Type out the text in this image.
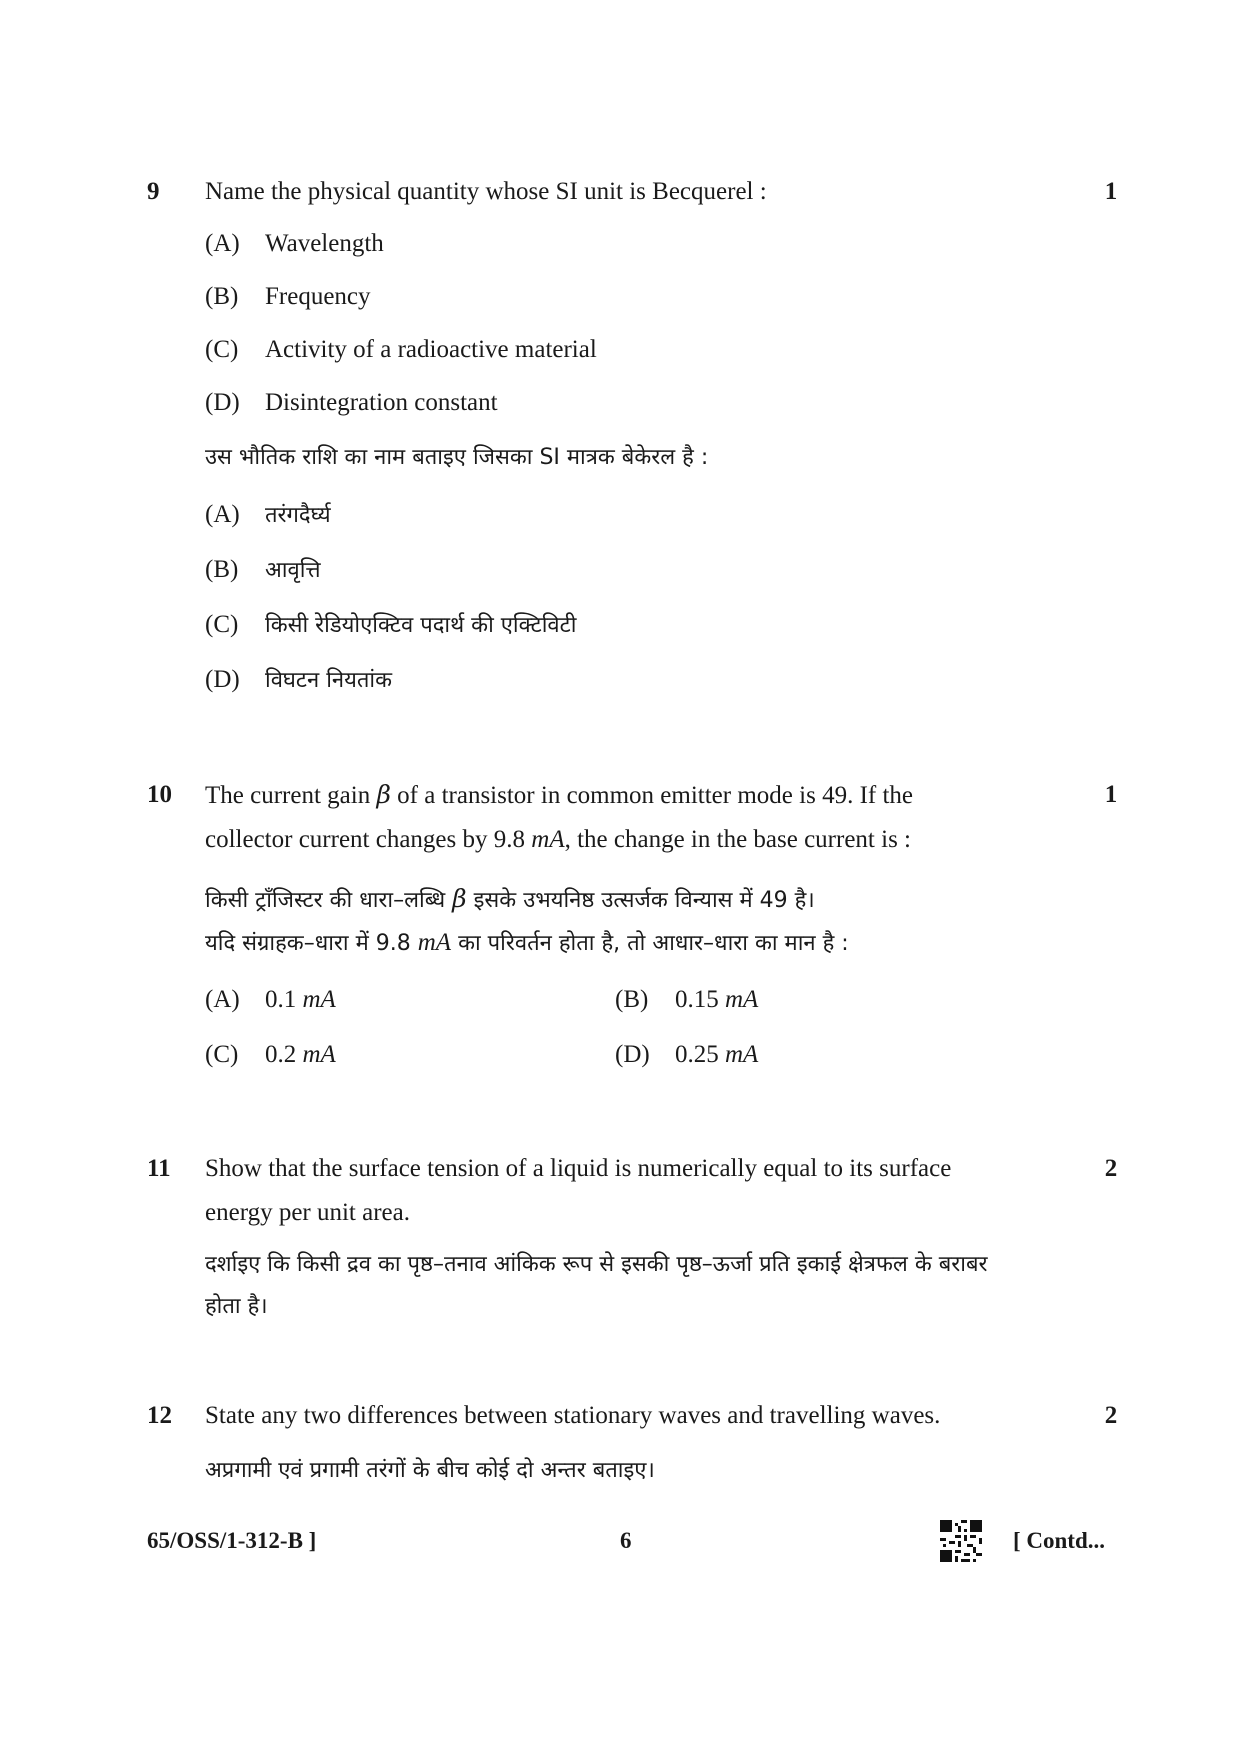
9	1
Name the physical quantity whose SI unit is Becquerel :
(A) Wavelength
(B) Frequency
(C) Activity of a radioactive material
(D) Disintegration constant
उस भौतिक राशि का नाम बताइए जिसका SI मात्रक बेकेरल है :
(A) तरंगदैर्घ्य
(B) आवृत्ति
(C) किसी रेडियोएक्टिव पदार्थ की एक्टिविटी
(D) विघटन नियतांक
10	1
The current gain β of a transistor in common emitter mode is 49. If the
collector current changes by 9.8 mA, the change in the base current is :
किसी ट्राँजिस्टर की धारा–लब्धि β इसके उभयनिष्ठ उत्सर्जक विन्यास में 49 है।
यदि संग्राहक–धारा में 9.8 mA का परिवर्तन होता है, तो आधार–धारा का मान है :
(A) 0.1 mA	(B) 0.15 mA
(C) 0.2 mA	(D) 0.25 mA
11	2
Show that the surface tension of a liquid is numerically equal to its surface
energy per unit area.
दर्शाइए कि किसी द्रव का पृष्ठ–तनाव आंकिक रूप से इसकी पृष्ठ–ऊर्जा प्रति इकाई क्षेत्रफल के बराबर
होता है।
12	2
State any two differences between stationary waves and travelling waves.
अप्रगामी एवं प्रगामी तरंगों के बीच कोई दो अन्तर बताइए।
65/OSS/1-312-B ]	6	[ Contd...
